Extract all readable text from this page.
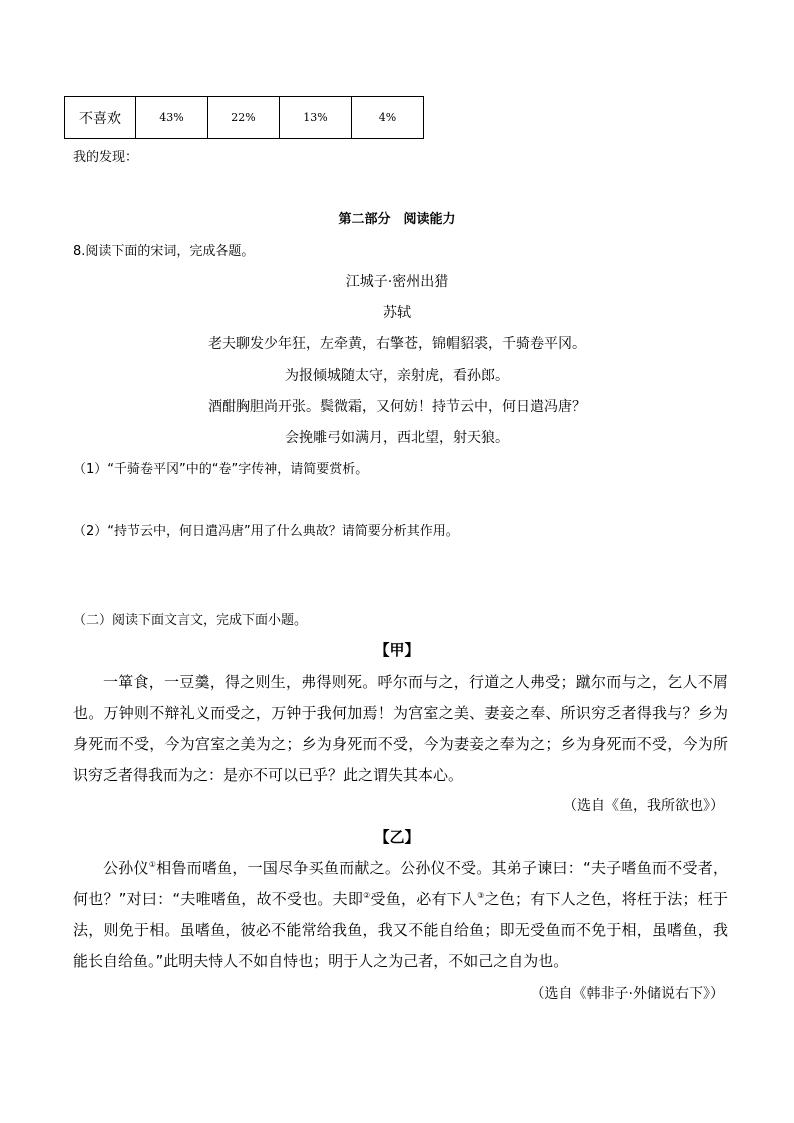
不喜欢	43%	22%	13%	4%
我的发现：
第二部分　阅读能力
8.阅读下面的宋词，完成各题。
江城子·密州出猎
苏轼
老夫聊发少年狂，左牵黄，右擎苍，锦帽貂裘，千骑卷平冈。
为报倾城随太守，亲射虎，看孙郎。
酒酣胸胆尚开张。鬓微霜，又何妨！持节云中，何日遣冯唐？
会挽雕弓如满月，西北望，射天狼。
（1）“千骑卷平冈”中的“卷”字传神，请简要赏析。
（2）“持节云中，何日遣冯唐”用了什么典故？请简要分析其作用。
（二）阅读下面文言文，完成下面小题。
【甲】

一箪食，一豆羹，得之则生，弗得则死。呼尔而与之，行道之人弗受；蹴尔而与之，乞人不屑也。万钟则不辩礼义而受之，万钟于我何加焉！为宫室之美、妻妾之奉、所识穷乏者得我与？乡为身死而不受，今为宫室之美为之；乡为身死而不受，今为妻妾之奉为之；乡为身死而不受，今为所识穷乏者得我而为之：是亦不可以已乎？此之谓失其本心。

（选自《鱼，我所欲也》）
【乙】

公孙仪①相鲁而嗜鱼，一国尽争买鱼而献之。公孙仪不受。其弟子谏曰：“夫子嗜鱼而不受者，何也？”对曰：“夫唯嗜鱼，故不受也。夫即②受鱼，必有下人③之色；有下人之色，将枉于法；枉于法，则免于相。虽嗜鱼，彼必不能常给我鱼，我又不能自给鱼；即无受鱼而不免于相，虽嗜鱼，我能长自给鱼。”此明夫恃人不如自恃也；明于人之为己者，不如己之自为也。

（选自《韩非子·外储说右下》）
